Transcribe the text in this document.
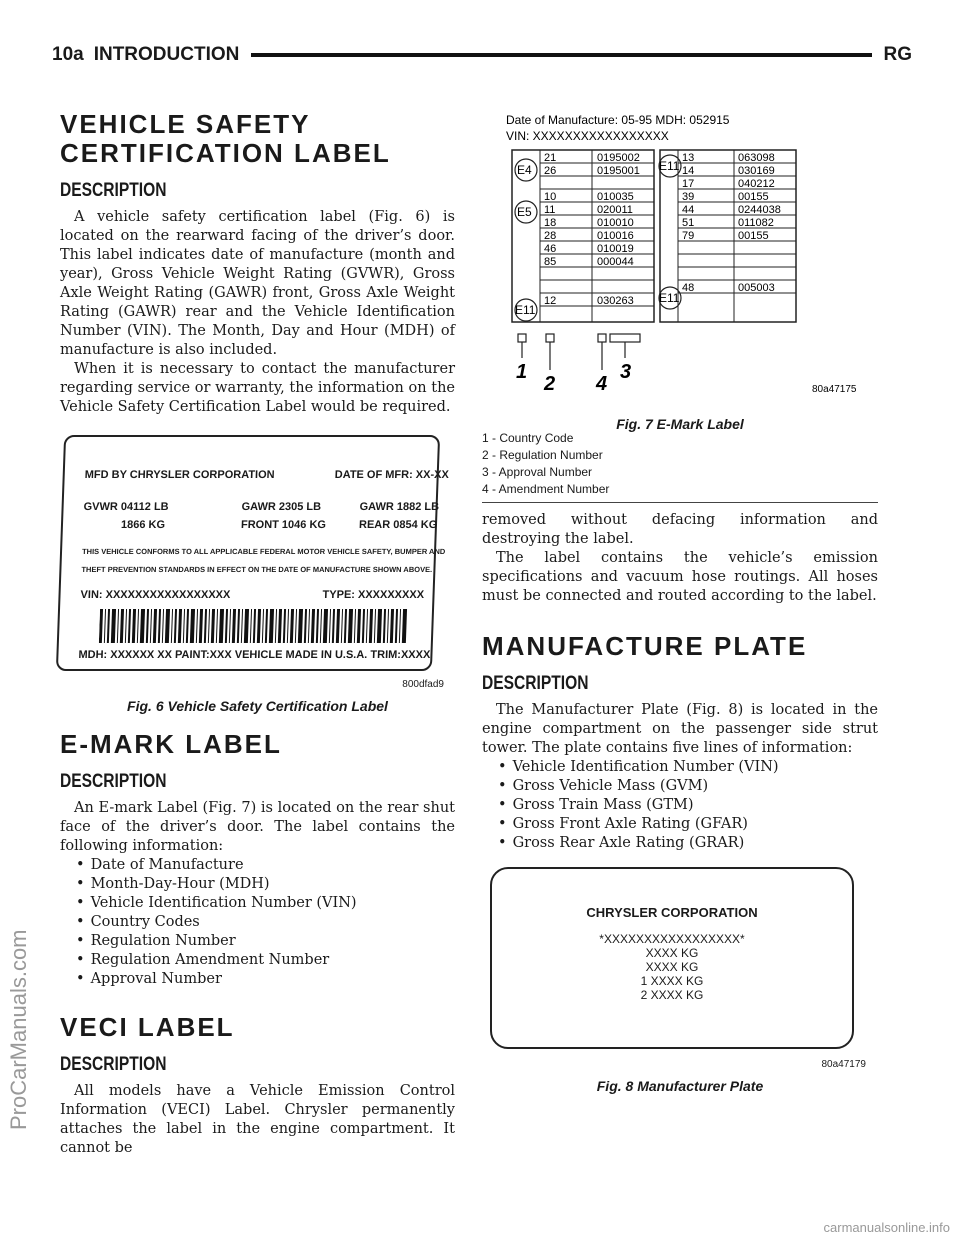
10a INTRODUCTION	RG
VEHICLE SAFETY
CERTIFICATION LABEL
DESCRIPTION

A vehicle safety certification label (Fig. 6) is located on the rearward facing of the driver’s door. This label indicates date of manufacture (month and year), Gross Vehicle Weight Rating (GVWR), Gross Axle Weight Rating (GAWR) front, Gross Axle Weight Rating (GAWR) rear and the Vehicle Identification Number (VIN). The Month, Day and Hour (MDH) of manufacture is also included.

When it is necessary to contact the manufacturer regarding service or warranty, the information on the Vehicle Safety Certification Label would be required.

MFD BY CHRYSLER CORPORATION	DATE OF MFR: XX-XX
GVWR 04112 LB	GAWR 2305 LB	GAWR 1882 LB
1866 KG	FRONT 1046 KG	REAR 0854 KG
THIS VEHICLE CONFORMS TO ALL APPLICABLE FEDERAL MOTOR VEHICLE SAFETY, BUMPER AND
THEFT PREVENTION STANDARDS IN EFFECT ON THE DATE OF MANUFACTURE SHOWN ABOVE.
VIN: XXXXXXXXXXXXXXXXX	TYPE: XXXXXXXXX
MDH: XXXXXX XX PAINT:XXX VEHICLE MADE IN U.S.A. TRIM:XXXX
800dfad9
Fig. 6 Vehicle Safety Certification Label
E-MARK LABEL
DESCRIPTION

An E-mark Label (Fig. 7) is located on the rear shut face of the driver’s door. The label contains the following information:

• Date of Manufacture
• Month-Day-Hour (MDH)
• Vehicle Identification Number (VIN)
• Country Codes
• Regulation Number
• Regulation Amendment Number
• Approval Number
VECI LABEL
DESCRIPTION

All models have a Vehicle Emission Control Information (VECI) Label. Chrysler permanently attaches the label in the engine compartment. It cannot be

Date of Manufacture: 05-95 MDH: 052915
VIN: XXXXXXXXXXXXXXXXX
21	0195002
26	0195001
10	010035
11	020011
18	010010
28	010016
46	010019
85	000044
12	030263
13	063098
14	030169
17	040212
39	00155
44	0244038
51	011082
79	00155
48	005003
E4
E5
E11
E11
E11
1
2 4
3
80a47175
Fig. 7 E-Mark Label
1 - Country Code
2 - Regulation Number
3 - Approval Number
4 - Amendment Number

removed without defacing information and destroying the label.

The label contains the vehicle’s emission specifications and vacuum hose routings. All hoses must be connected and routed according to the label.

MANUFACTURE PLATE
DESCRIPTION

The Manufacturer Plate (Fig. 8) is located in the engine compartment on the passenger side strut tower. The plate contains five lines of information:

• Vehicle Identification Number (VIN)
• Gross Vehicle Mass (GVM)
• Gross Train Mass (GTM)
• Gross Front Axle Rating (GFAR)
• Gross Rear Axle Rating (GRAR)
CHRYSLER CORPORATION
*XXXXXXXXXXXXXXXXX*
XXXX KG
XXXX KG
1 XXXX KG
2 XXXX KG
80a47179
Fig. 8 Manufacturer Plate
ProCarManuals.com
carmanualsonline.info
